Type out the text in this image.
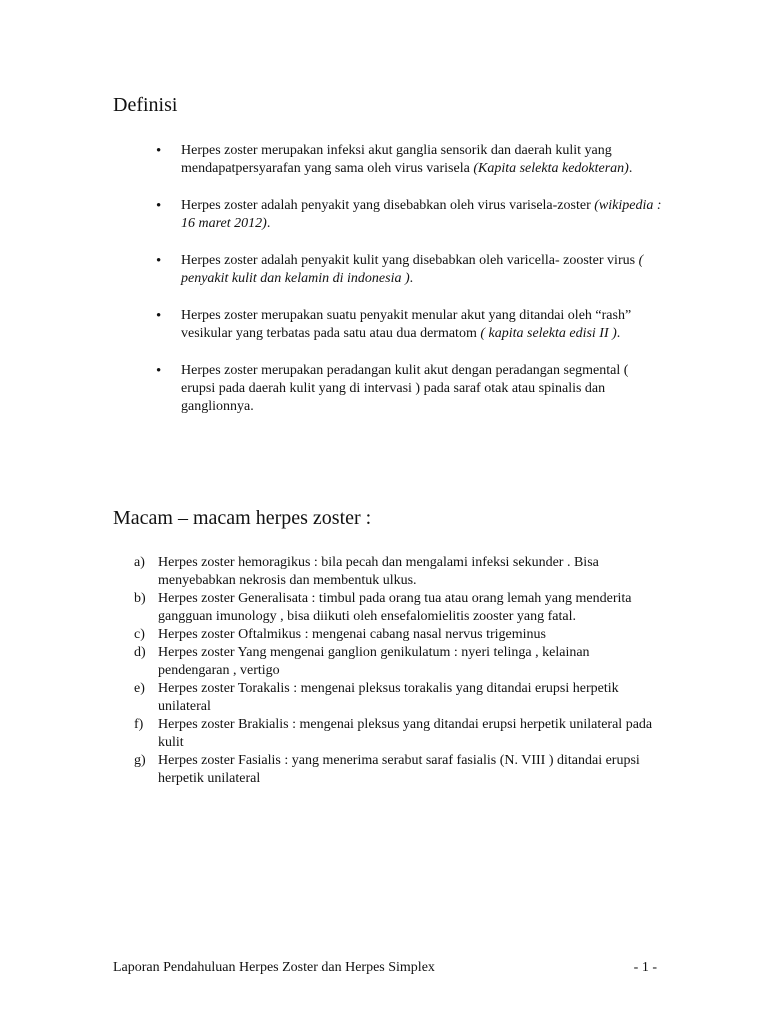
Definisi
• Herpes zoster merupakan infeksi akut ganglia sensorik dan daerah kulit yang mendapatpersyarafan yang sama oleh virus varisela (Kapita selekta kedokteran).
• Herpes zoster adalah penyakit yang disebabkan oleh virus varisela-zoster (wikipedia : 16 maret 2012).
• Herpes zoster adalah penyakit kulit yang disebabkan oleh varicella- zooster virus ( penyakit kulit dan kelamin di indonesia ).
• Herpes zoster merupakan suatu penyakit menular akut yang ditandai oleh “rash” vesikular yang terbatas pada satu atau dua dermatom ( kapita selekta edisi II ).
• Herpes zoster merupakan peradangan kulit akut dengan peradangan segmental ( erupsi pada daerah kulit yang di intervasi ) pada saraf otak atau spinalis dan ganglionnya.
Macam – macam herpes zoster :
a) Herpes zoster hemoragikus : bila pecah dan mengalami infeksi sekunder . Bisa menyebabkan nekrosis dan membentuk ulkus.
b) Herpes zoster Generalisata : timbul pada orang tua atau orang lemah yang menderita gangguan imunology , bisa diikuti oleh ensefalomielitis zooster yang fatal.
c) Herpes zoster Oftalmikus : mengenai cabang nasal nervus trigeminus
d) Herpes zoster Yang mengenai ganglion genikulatum : nyeri telinga , kelainan pendengaran , vertigo
e) Herpes zoster Torakalis : mengenai pleksus torakalis yang ditandai erupsi herpetik unilateral
f) Herpes zoster Brakialis : mengenai pleksus yang ditandai erupsi herpetik unilateral pada kulit
g) Herpes zoster Fasialis : yang menerima serabut saraf fasialis (N. VIII ) ditandai erupsi herpetik unilateral
Laporan Pendahuluan Herpes Zoster dan Herpes Simplex	- 1 -
